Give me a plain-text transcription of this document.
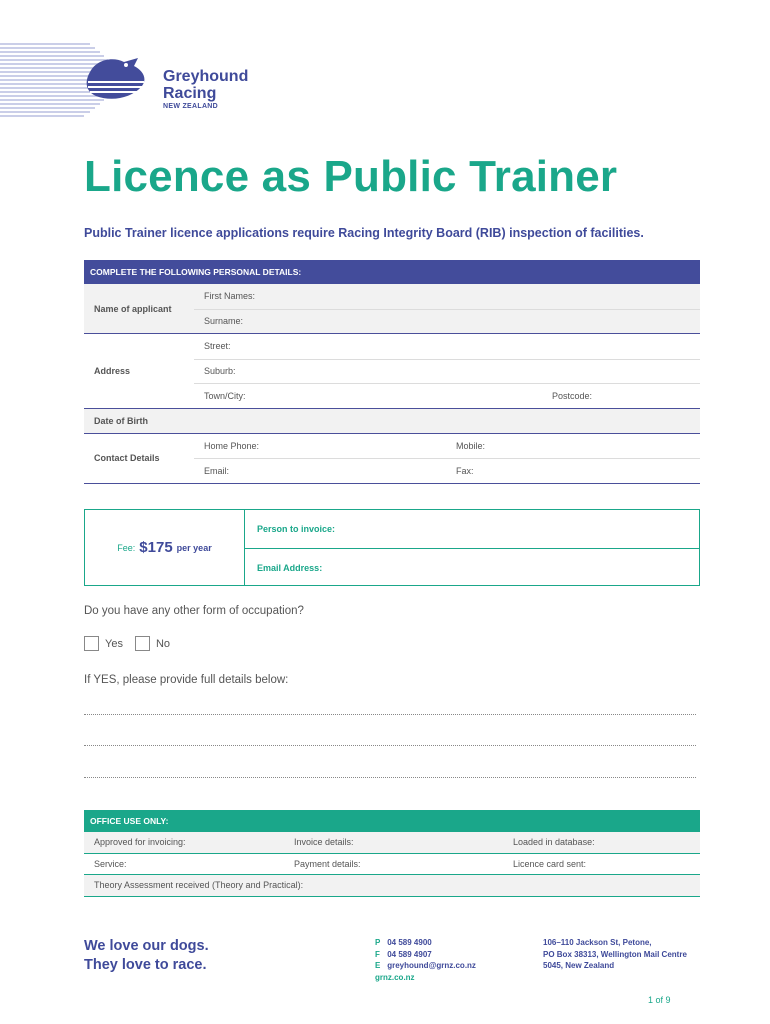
Greyhound
Racing
NEW ZEALAND
Licence as Public Trainer
Public Trainer licence applications require Racing Integrity Board (RIB) inspection of facilities.
COMPLETE THE FOLLOWING PERSONAL DETAILS:
Name of applicant
First Names:
Surname:
Address
Street:
Suburb:
Town/City:	Postcode:
Date of Birth
Contact Details
Home Phone:	Mobile:
Email:	Fax:
Fee: $175 per year
Person to invoice:
Email Address:
Do you have any other form of occupation?
Yes	No
If YES, please provide full details below:
OFFICE USE ONLY:
Approved for invoicing:	Invoice details:	Loaded in database:
Service:	Payment details:	Licence card sent:
Theory Assessment received (Theory and Practical):
We love our dogs.
They love to race.
P 04 589 4900
F 04 589 4907
E greyhound@grnz.co.nz
grnz.co.nz
106–110 Jackson St, Petone,
PO Box 38313, Wellington Mail Centre
5045, New Zealand
1 of 9
